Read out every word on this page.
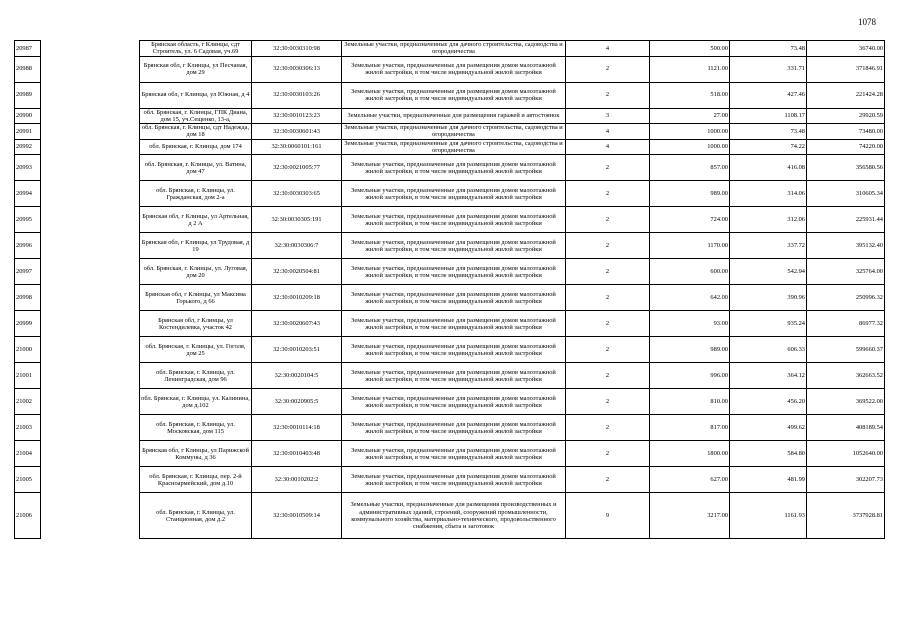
1078
20987		Брянская область, г Клинцы, сдт Строитель, ул. 6 Садовая, уч.69	32:30:0030310:98	Земельные участки, предназначенные для дачного строительства, садоводства и огородничества	4	500.00	73.48	36740.00
20988		Брянская обл, г Клинцы, ул Песчаная, дом 29	32:30:0030306:13	Земельные участки, предназначенные для размещения домов малоэтажной жилой застройки, в том числе индивидуальной жилой застройки	2	1121.00	331.71	371846.91
20989		Брянская обл, г Клинцы, ул Южная, д 4	32:30:0030103:26	Земельные участки, предназначенные для размещения домов малоэтажной жилой застройки, в том числе индивидуальной жилой застройки	2	518.00	427.46	221424.28
20990		обл. Брянская, г. Клинцы, ГПК Диана, дом 15, уч.Сещенко, 13-а,	32:30:0010123:23	Земельные участки, предназначенные для размещения гаражей и автостоянок	3	27.00	1108.17	29920.59
20991		обл. Брянская, г. Клинцы, сдт Надежда, дом 18	32:30:0030601:43	Земельные участки, предназначенные для дачного строительства, садоводства и огородничества	4	1000.00	73.48	73480.00
20992		обл. Брянская, г. Клинцы, дом 174	32:30:0060101:161	Земельные участки, предназначенные для дачного строительства, садоводства и огородничества	4	1000.00	74.22	74220.00
20993		обл. Брянская, г. Клинцы, ул. Ватина, дом 47	32:30:0021005:77	Земельные участки, предназначенные для размещения домов малоэтажной жилой застройки, в том числе индивидуальной жилой застройки	2	857.00	416.08	356580.56
20994		обл. Брянская, г. Клинцы, ул. Гражданская, дом 2-а	32:30:0030303:65	Земельные участки, предназначенные для размещения домов малоэтажной жилой застройки, в том числе индивидуальной жилой застройки	2	989.00	314.06	310605.34
20995		Брянская обл, г Клинцы, ул Артельная, д 2 А	32:30:0030305:191	Земельные участки, предназначенные для размещения домов малоэтажной жилой застройки, в том числе индивидуальной жилой застройки	2	724.00	312.06	225931.44
20996		Брянская обл, г Клинцы, ул Трудовая, д 19	32:30:0030306:7	Земельные участки, предназначенные для размещения домов малоэтажной жилой застройки, в том числе индивидуальной жилой застройки	2	1170.00	337.72	395132.40
20997		обл. Брянская, г. Клинцы, ул. Луговая, дом 20	32:30:0020504:81	Земельные участки, предназначенные для размещения домов малоэтажной жилой застройки, в том числе индивидуальной жилой застройки	2	600.00	542.94	325764.00
20998		Брянская обл, г Клинцы, ул Максима Горького, д 66	32:30:0010209:18	Земельные участки, предназначенные для размещения домов малоэтажной жилой застройки, в том числе индивидуальной жилой застройки	2	642.00	390.96	250996.32
20999		Брянская обл, г Клинцы, ул Костендилевка, участок 42	32:30:0020607:43	Земельные участки, предназначенные для размещения домов малоэтажной жилой застройки, в том числе индивидуальной жилой застройки	2	93.00	935.24	86977.32
21000		обл. Брянская, г. Клинцы, ул. Гоголя, дом 25	32:30:0010203:51	Земельные участки, предназначенные для размещения домов малоэтажной жилой застройки, в том числе индивидуальной жилой застройки	2	989.00	606.33	599660.37
21001		обл. Брянская, г. Клинцы, ул. Ленинградская, дом 96	32:30:0020104:5	Земельные участки, предназначенные для размещения домов малоэтажной жилой застройки, в том числе индивидуальной жилой застройки	2	996.00	364.12	362663.52
21002		обл. Брянская, г. Клинцы, ул. Калинина, дом д.102	32:30:0020905:5	Земельные участки, предназначенные для размещения домов малоэтажной жилой застройки, в том числе индивидуальной жилой застройки	2	810.00	456.20	369522.00
21003		обл. Брянская, г. Клинцы, ул. Московская, дом 115	32:30:0010114:18	Земельные участки, предназначенные для размещения домов малоэтажной жилой застройки, в том числе индивидуальной жилой застройки	2	817.00	499.62	408189.54
21004		Брянская обл, г Клинцы, ул Парижской Коммуны, д 36	32:30:0010403:48	Земельные участки, предназначенные для размещения домов малоэтажной жилой застройки, в том числе индивидуальной жилой застройки	2	1800.00	584.80	1052640.00
21005		обл. Брянская, г. Клинцы, пер. 2-й Красноармейский, дом д.10	32:30:0010202:2	Земельные участки, предназначенные для размещения домов малоэтажной жилой застройки, в том числе индивидуальной жилой застройки	2	627.00	481.99	302207.73
21006		обл. Брянская, г. Клинцы, ул. Станционная, дом д.2	32:30:0010509:14	Земельные участки, предназначенные для размещения производственных и административных зданий, строений, сооружений промышленности, коммунального хозяйства, материально-технического, продовольственного снабжения, сбыта и заготовок	9	3217.00	1161.93	3737928.81
